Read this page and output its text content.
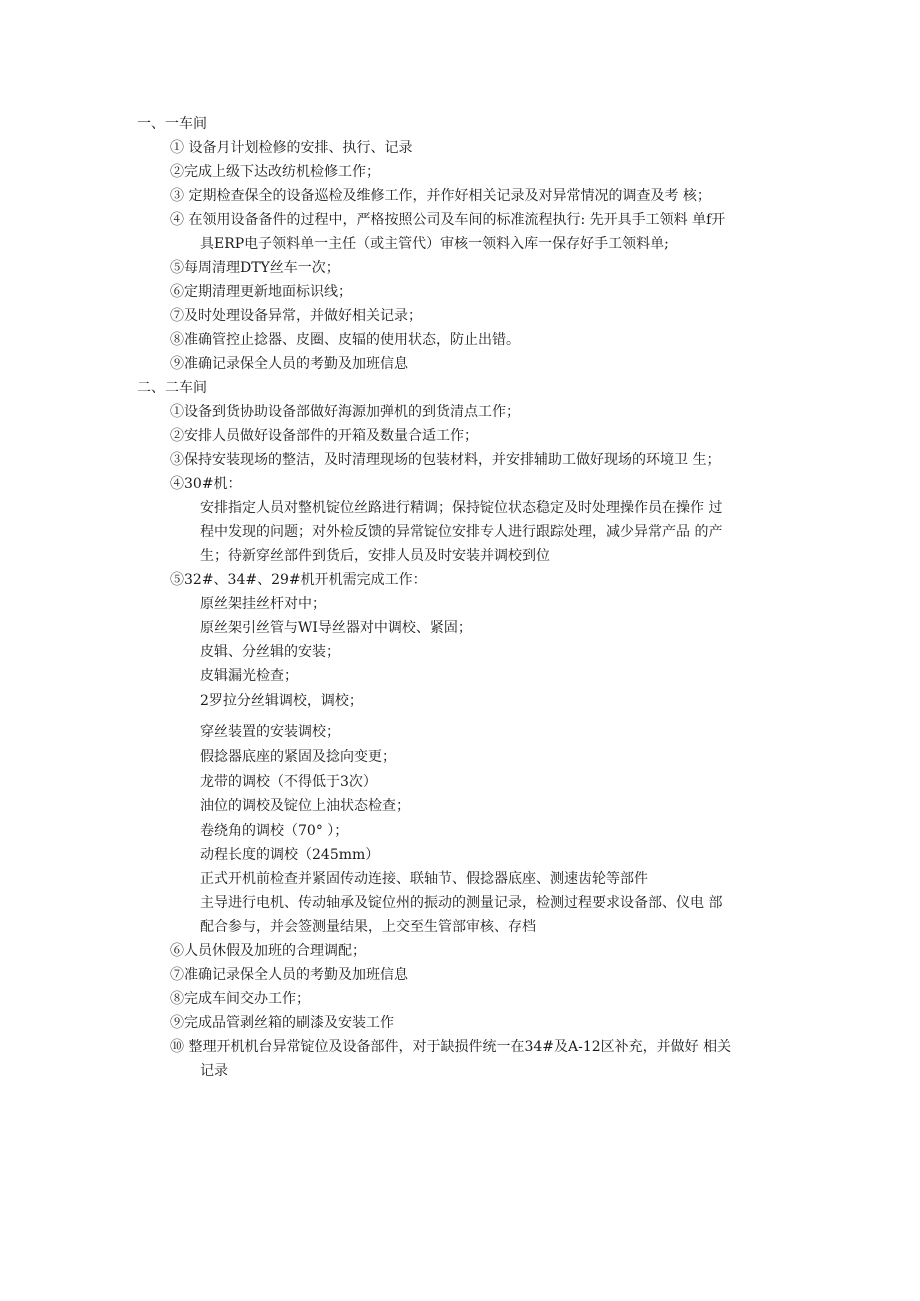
一、一车间
① 设备月计划检修的安排、执行、记录
②完成上级下达改纺机检修工作；
③ 定期检查保全的设备巡检及维修工作，并作好相关记录及对异常情况的调查及考 核；
④ 在领用设备备件的过程中，严格按照公司及车间的标准流程执行: 先开具手工领料 单f开
具ERP电子领料单一主任（或主管代）审核一领料入库一保存好手工领料单;
⑤每周清理DTY丝车一次；
⑥定期清理更新地面标识线；
⑦及时处理设备异常，并做好相关记录；
⑧准确管控止捻器、皮圈、皮辐的使用状态，防止出错。
⑨准确记录保全人员的考勤及加班信息
二、二车间
①设备到货协助设备部做好海源加弹机的到货清点工作；
②安排人员做好设备部件的开箱及数量合适工作；
③保持安装现场的整洁，及时清理现场的包装材料，并安排辅助工做好现场的环境卫 生；
④30#机：
安排指定人员对整机锭位丝路进行精调；保持锭位状态稳定及时处理操作员在操作 过
程中发现的问题；对外检反馈的异常锭位安排专人进行跟踪处理，减少异常产品 的产
生；待新穿丝部件到货后，安排人员及时安装并调校到位
⑤32#、34#、29#机开机需完成工作：
原丝架挂丝杆对中；
原丝架引丝管与WI导丝器对中调校、紧固；
皮辑、分丝辑的安装；
皮辑漏光检查；
2罗拉分丝辑调校，调校；
穿丝装置的安装调校；
假捻器底座的紧固及捻向变更；
龙带的调校（不得低于3次）
油位的调校及锭位上油状态检查；
卷绕角的调校（70° ）；
动程长度的调校（245mm）
正式开机前检查并紧固传动连接、联轴节、假捻器底座、测速齿轮等部件
主导进行电机、传动轴承及锭位州的振动的测量记录，检测过程要求设备部、仪电 部
配合参与，并会签测量结果，上交至生管部审核、存档
⑥人员休假及加班的合理调配；
⑦准确记录保全人员的考勤及加班信息
⑧完成车间交办工作；
⑨完成品管剥丝箱的刷漆及安装工作
⑩ 整理开机机台异常锭位及设备部件，对于缺损件统一在34#及A-12区补充，并做好 相关
记录
